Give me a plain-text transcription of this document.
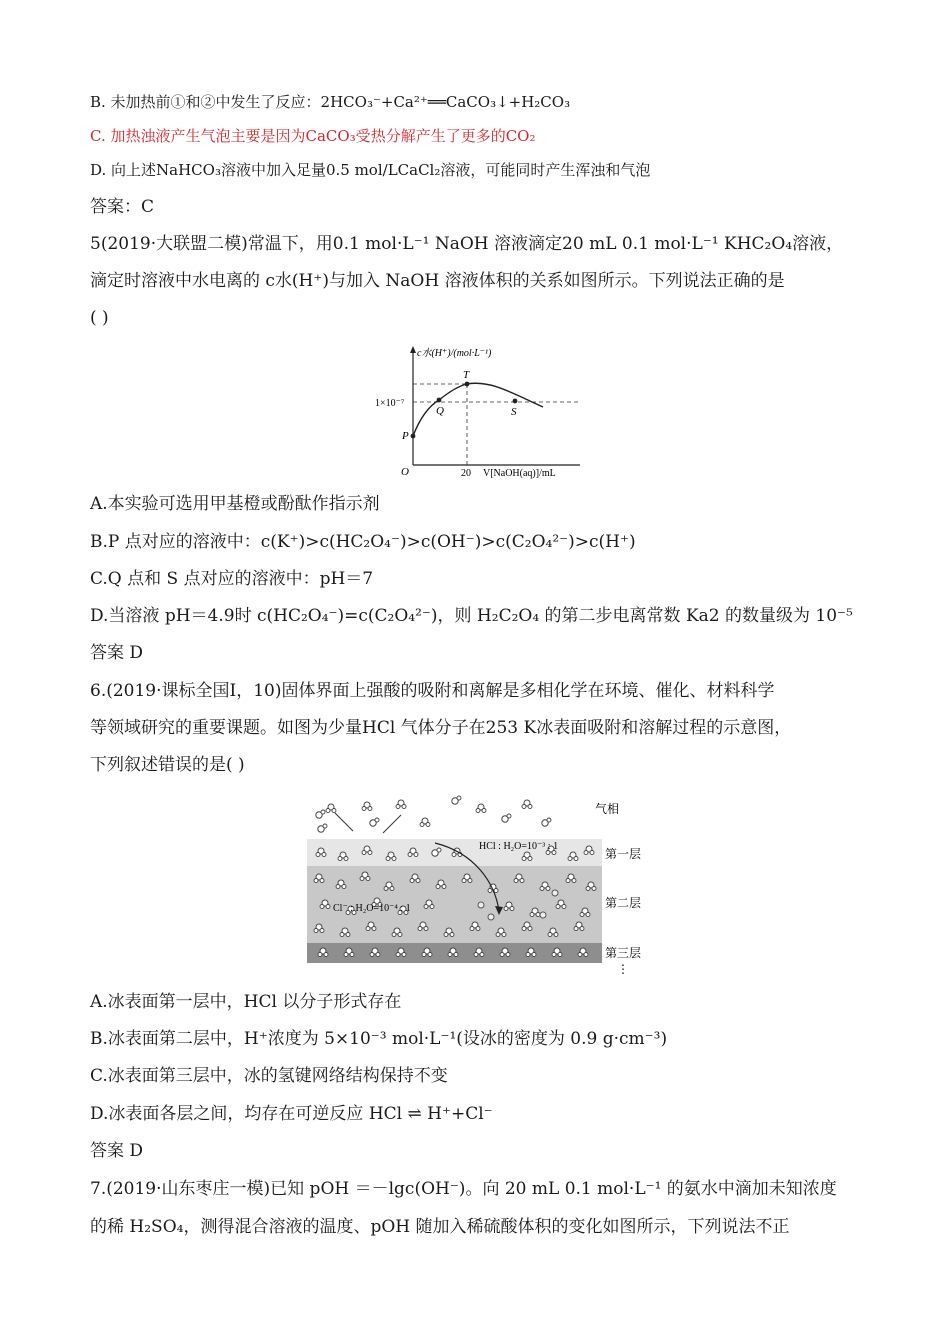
B. 未加热前①和②中发生了反应：2HCO₃⁻+Ca²⁺══CaCO₃↓+H₂CO₃
C. 加热浊液产生气泡主要是因为CaCO₃受热分解产生了更多的CO₂
D. 向上述NaHCO₃溶液中加入足量0.5 mol/LCaCl₂溶液，可能同时产生浑浊和气泡
答案：C
5(2019·大联盟二模)常温下，用0.1 mol·L⁻¹ NaOH 溶液滴定20 mL 0.1 mol·L⁻¹ KHC₂O₄溶液，
滴定时溶液中水电离的 c水(H⁺)与加入 NaOH 溶液体积的关系如图所示。下列说法正确的是
( )
c水(H⁺)/(mol·L⁻¹)
1×10⁻⁷
20 V[NaOH(aq)]/mL
O
P
Q
T
S
A.本实验可选用甲基橙或酚酞作指示剂
B.P 点对应的溶液中：c(K⁺)>c(HC₂O₄⁻)>c(OH⁻)>c(C₂O₄²⁻)>c(H⁺)
C.Q 点和 S 点对应的溶液中：pH＝7
D.当溶液 pH＝4.9时 c(HC₂O₄⁻)=c(C₂O₄²⁻)，则 H₂C₂O₄ 的第二步电离常数 Ka2 的数量级为 10⁻⁵
答案 D
6.(2019·课标全国Ⅰ，10)固体界面上强酸的吸附和离解是多相化学在环境、催化、材料科学
等领域研究的重要课题。如图为少量HCl 气体分子在253 K冰表面吸附和溶解过程的示意图，
下列叙述错误的是( )
气相
HCl : H₂O=10⁻³ : 1
第一层
Cl⁻ : H₂O=10⁻⁴ : 1	第二层
第三层
⋮
A.冰表面第一层中，HCl 以分子形式存在
B.冰表面第二层中，H⁺浓度为 5×10⁻³ mol·L⁻¹(设冰的密度为 0.9 g·cm⁻³)
C.冰表面第三层中，冰的氢键网络结构保持不变
D.冰表面各层之间，均存在可逆反应 HCl ⇌ H⁺+Cl⁻
答案 D
7.(2019·山东枣庄一模)已知 pOH ＝－lgc(OH⁻)。向 20 mL 0.1 mol·L⁻¹ 的氨水中滴加未知浓度
的稀 H₂SO₄，测得混合溶液的温度、pOH 随加入稀硫酸体积的变化如图所示，下列说法不正
